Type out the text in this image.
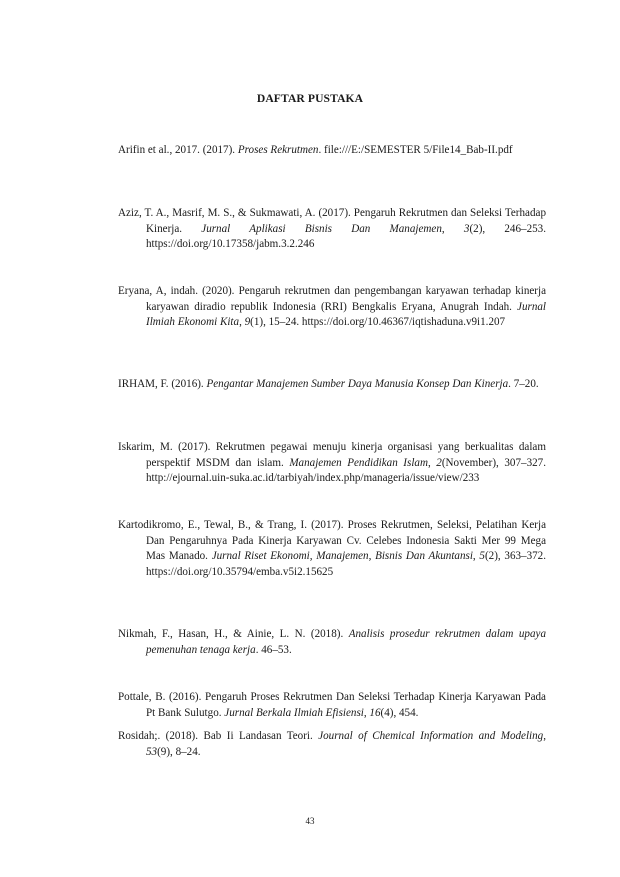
DAFTAR PUSTAKA
Arifin et al., 2017. (2017). Proses Rekrutmen. file:///E:/SEMESTER 5/File14_Bab-II.pdf
Aziz, T. A., Masrif, M. S., & Sukmawati, A. (2017). Pengaruh Rekrutmen dan Seleksi Terhadap Kinerja. Jurnal Aplikasi Bisnis Dan Manajemen, 3(2), 246–253. https://doi.org/10.17358/jabm.3.2.246
Eryana, A, indah. (2020). Pengaruh rekrutmen dan pengembangan karyawan terhadap kinerja karyawan diradio republik Indonesia (RRI) Bengkalis Eryana, Anugrah Indah. Jurnal Ilmiah Ekonomi Kita, 9(1), 15–24. https://doi.org/10.46367/iqtishaduna.v9i1.207
IRHAM, F. (2016). Pengantar Manajemen Sumber Daya Manusia Konsep Dan Kinerja. 7–20.
Iskarim, M. (2017). Rekrutmen pegawai menuju kinerja organisasi yang berkualitas dalam perspektif MSDM dan islam. Manajemen Pendidikan Islam, 2(November), 307–327. http://ejournal.uin-suka.ac.id/tarbiyah/index.php/manageria/issue/view/233
Kartodikromo, E., Tewal, B., & Trang, I. (2017). Proses Rekrutmen, Seleksi, Pelatihan Kerja Dan Pengaruhnya Pada Kinerja Karyawan Cv. Celebes Indonesia Sakti Mer 99 Mega Mas Manado. Jurnal Riset Ekonomi, Manajemen, Bisnis Dan Akuntansi, 5(2), 363–372. https://doi.org/10.35794/emba.v5i2.15625
Nikmah, F., Hasan, H., & Ainie, L. N. (2018). Analisis prosedur rekrutmen dalam upaya pemenuhan tenaga kerja. 46–53.
Pottale, B. (2016). Pengaruh Proses Rekrutmen Dan Seleksi Terhadap Kinerja Karyawan Pada Pt Bank Sulutgo. Jurnal Berkala Ilmiah Efisiensi, 16(4), 454.
Rosidah;. (2018). Bab Ii Landasan Teori. Journal of Chemical Information and Modeling, 53(9), 8–24.
43
